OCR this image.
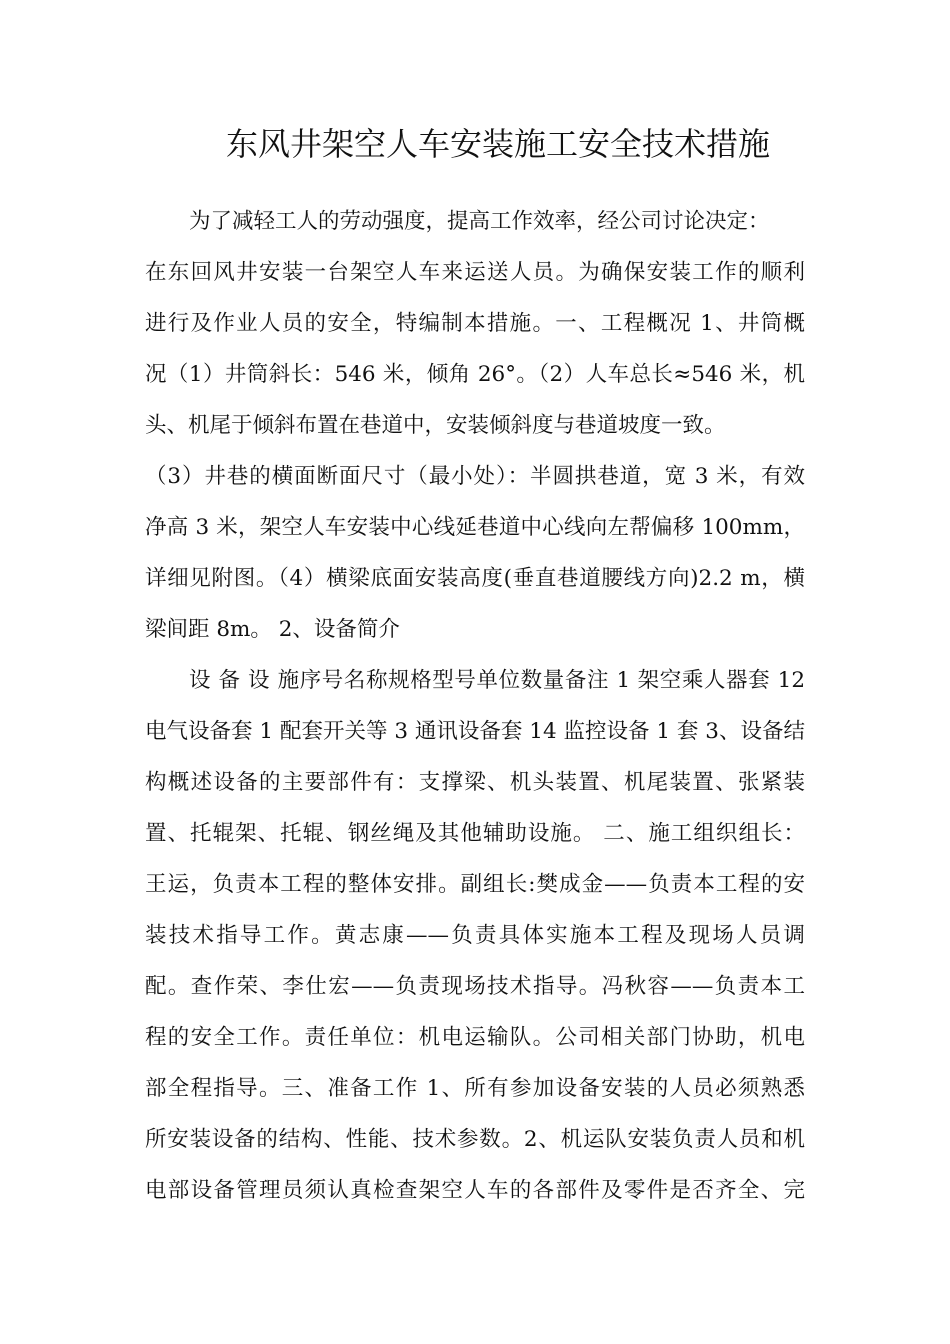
东风井架空人车安装施工安全技术措施
为了减轻工人的劳动强度，提高工作效率，经公司讨论决定：
在东回风井安装一台架空人车来运送人员。为确保安装工作的顺利
进行及作业人员的安全，特编制本措施。一、工程概况 1、井筒概
况（1）井筒斜长：546 米，倾角 26°。（2）人车总长≈546 米，机
头、机尾于倾斜布置在巷道中，安装倾斜度与巷道坡度一致。
（3）井巷的横面断面尺寸（最小处）：半圆拱巷道，宽 3 米，有效
净高 3 米，架空人车安装中心线延巷道中心线向左帮偏移 100mm，
详细见附图。（4）横梁底面安装高度(垂直巷道腰线方向)2.2 m，横
梁间距 8m。 2、设备简介
设 备 设 施序号名称规格型号单位数量备注 1 架空乘人器套 12
电气设备套 1 配套开关等 3 通讯设备套 14 监控设备 1 套 3、设备结
构概述设备的主要部件有：支撑梁、机头装置、机尾装置、张紧装
置、托辊架、托辊、钢丝绳及其他辅助设施。 二、施工组织组长：
王运，负责本工程的整体安排。副组长:樊成金——负责本工程的安
装技术指导工作。黄志康——负责具体实施本工程及现场人员调
配。查作荣、李仕宏——负责现场技术指导。冯秋容——负责本工
程的安全工作。责任单位：机电运输队。公司相关部门协助，机电
部全程指导。三、准备工作 1、所有参加设备安装的人员必须熟悉
所安装设备的结构、性能、技术参数。2、机运队安装负责人员和机
电部设备管理员须认真检查架空人车的各部件及零件是否齐全、完
